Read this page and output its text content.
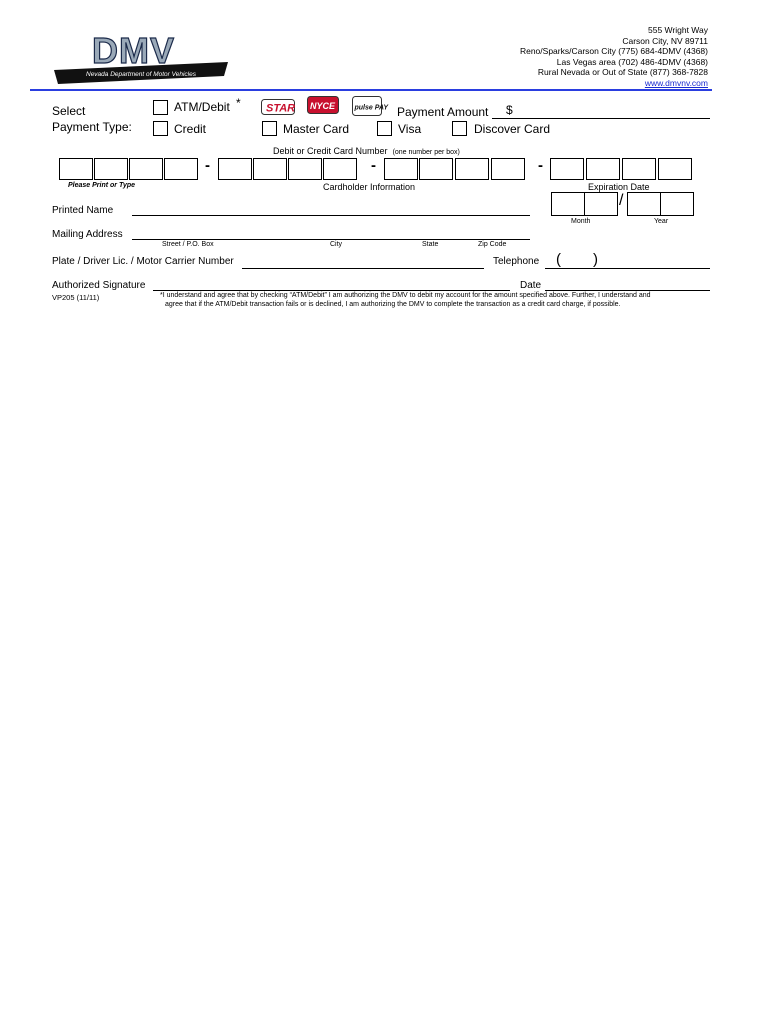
DMV
Nevada Department of Motor Vehicles
555 Wright Way
Carson City, NV 89711
Reno/Sparks/Carson City (775) 684-4DMV (4368)
Las Vegas area (702) 486-4DMV (4368)
Rural Nevada or Out of State (877) 368-7828
www.dmvnv.com
Select
Payment Type:
ATM/Debit * STAR NYCE	pulse PAY Payment Amount $
Credit	Master Card	Visa	Discover Card
Debit or Credit Card Number (one number per box)
-	-	-
Please Print or Type	Cardholder Information	Expiration Date
/
Month	Year
Printed Name
Mailing Address
Street / P.O. Box	City	State	Zip Code
Plate / Driver Lic. / Motor Carrier Number	Telephone ( )
Authorized Signature	Date
VP205 (11/11)	*I understand and agree that by checking “ATM/Debit” I am authorizing the DMV to debit my account for the amount specified above. Further, I understand and
agree that if the ATM/Debit transaction fails or is declined, I am authorizing the DMV to complete the transaction as a credit card charge, if possible.
